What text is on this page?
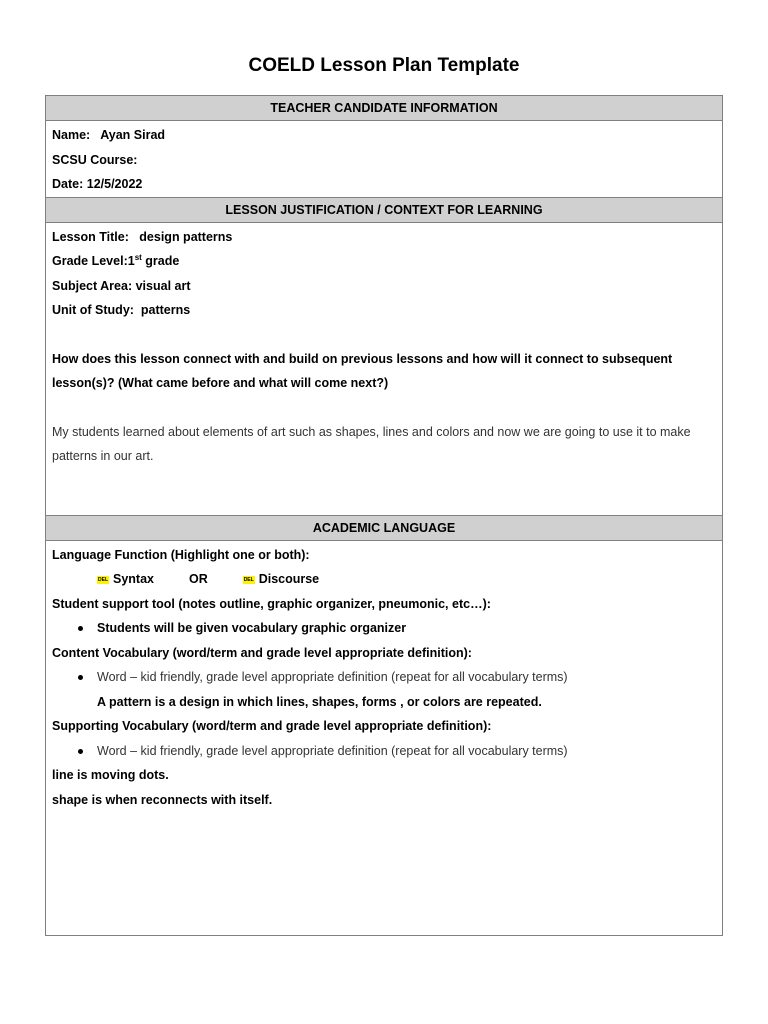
COELD Lesson Plan Template
TEACHER CANDIDATE INFORMATION

Name: Ayan Sirad
SCSU Course:
Date: 12/5/2022

LESSON JUSTIFICATION / CONTEXT FOR LEARNING

Lesson Title: design patterns
Grade Level:1st grade
Subject Area: visual art
Unit of Study: patterns
How does this lesson connect with and build on previous lessons and how will it connect to subsequent lesson(s)? (What came before and what will come next?)
My students learned about elements of art such as shapes, lines and colors and now we are going to use it to make patterns in our art.

ACADEMIC LANGUAGE

Language Function (Highlight one or both):
DEL Syntax	OR	DEL Discourse
Student support tool (notes outline, graphic organizer, pneumonic, etc…):
Students will be given vocabulary graphic organizer
Content Vocabulary (word/term and grade level appropriate definition):
Word – kid friendly, grade level appropriate definition (repeat for all vocabulary terms)
A pattern is a design in which lines, shapes, forms , or colors are repeated.
Supporting Vocabulary (word/term and grade level appropriate definition):
Word – kid friendly, grade level appropriate definition (repeat for all vocabulary terms)
line is moving dots.
shape is when reconnects with itself.
